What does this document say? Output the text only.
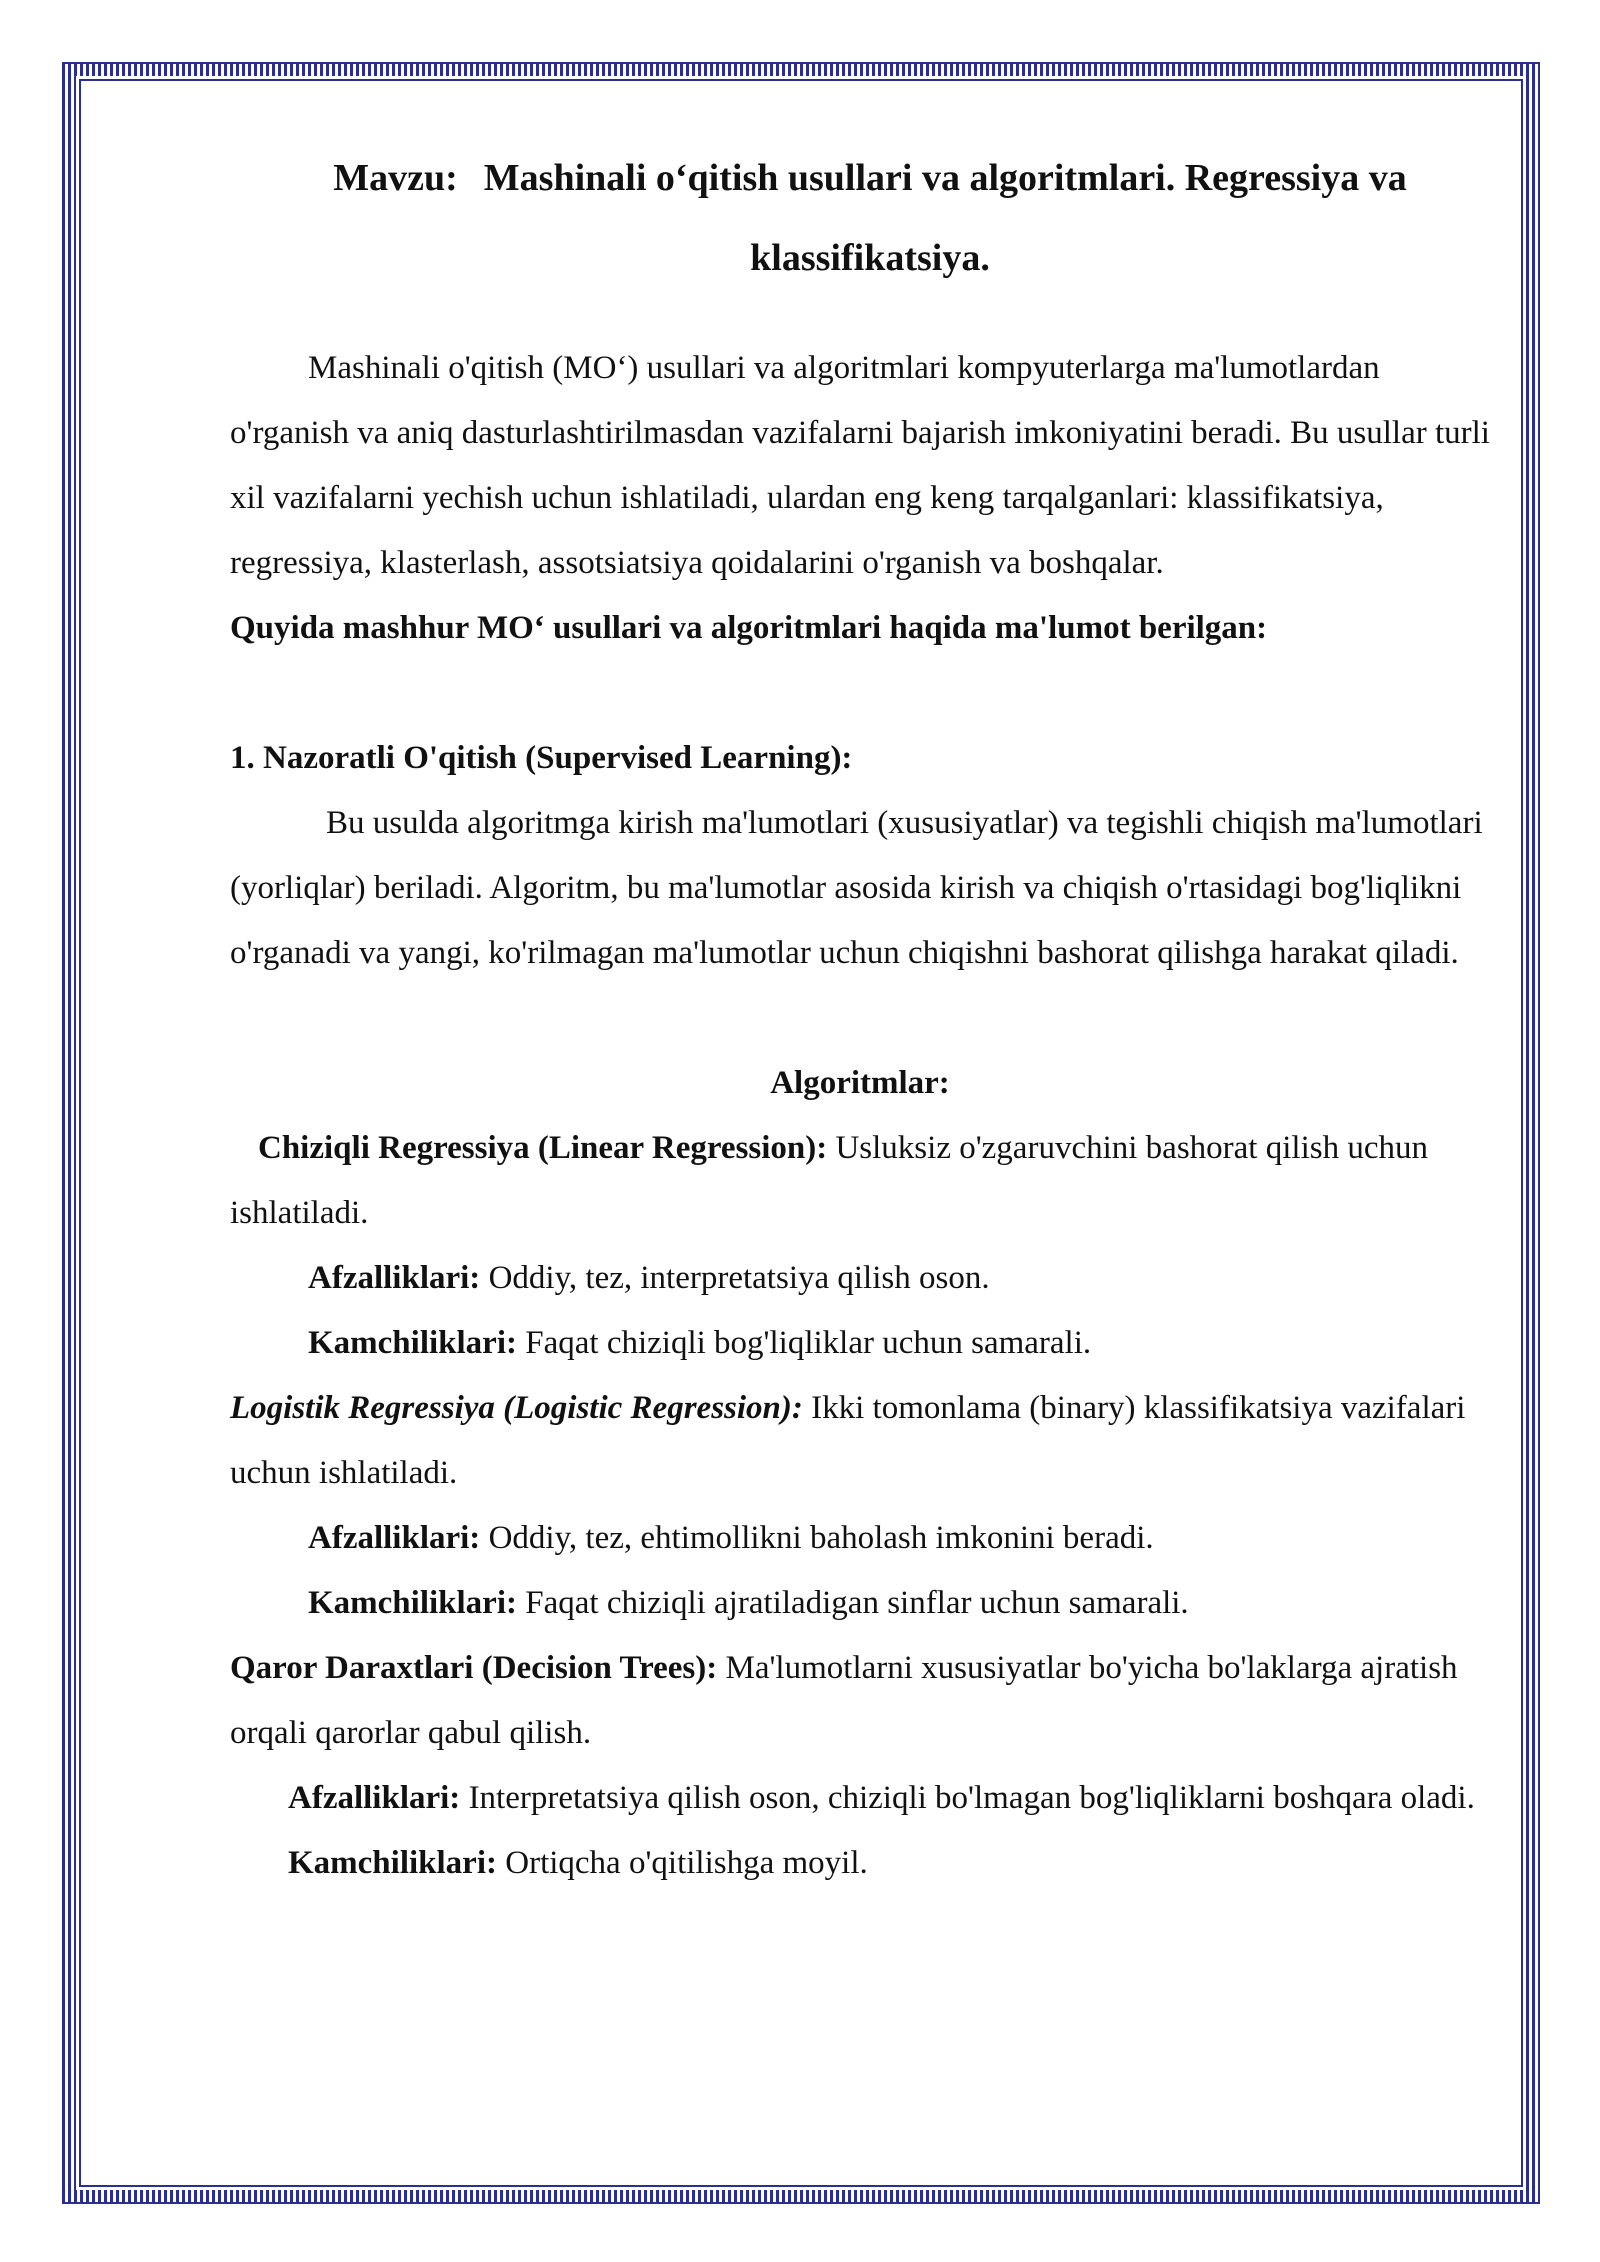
Mavzu: Mashinali o‘qitish usullari va algoritmlari. Regressiya va klassifikatsiya.

Mashinali o'qitish (MO‘) usullari va algoritmlari kompyuterlarga ma'lumotlardan o'rganish va aniq dasturlashtirilmasdan vazifalarni bajarish imkoniyatini beradi. Bu usullar turli xil vazifalarni yechish uchun ishlatiladi, ulardan eng keng tarqalganlari: klassifikatsiya, regressiya, klasterlash, assotsiatsiya qoidalarini o'rganish va boshqalar.

Quyida mashhur MO‘ usullari va algoritmlari haqida ma'lumot berilgan:

1. Nazoratli O'qitish (Supervised Learning):

Bu usulda algoritmga kirish ma'lumotlari (xususiyatlar) va tegishli chiqish ma'lumotlari (yorliqlar) beriladi. Algoritm, bu ma'lumotlar asosida kirish va chiqish o'rtasidagi bog'liqlikni o'rganadi va yangi, ko'rilmagan ma'lumotlar uchun chiqishni bashorat qilishga harakat qiladi.

Algoritmlar:

Chiziqli Regressiya (Linear Regression): Usluksiz o'zgaruvchini bashorat qilish uchun ishlatiladi.

Afzalliklari: Oddiy, tez, interpretatsiya qilish oson.

Kamchiliklari: Faqat chiziqli bog'liqliklar uchun samarali.

Logistik Regressiya (Logistic Regression): Ikki tomonlama (binary) klassifikatsiya vazifalari uchun ishlatiladi.

Afzalliklari: Oddiy, tez, ehtimollikni baholash imkonini beradi.

Kamchiliklari: Faqat chiziqli ajratiladigan sinflar uchun samarali.

Qaror Daraxtlari (Decision Trees): Ma'lumotlarni xususiyatlar bo'yicha bo'laklarga ajratish orqali qarorlar qabul qilish.

Afzalliklari: Interpretatsiya qilish oson, chiziqli bo'lmagan bog'liqliklarni boshqara oladi.

Kamchiliklari: Ortiqcha o'qitilishga moyil.
